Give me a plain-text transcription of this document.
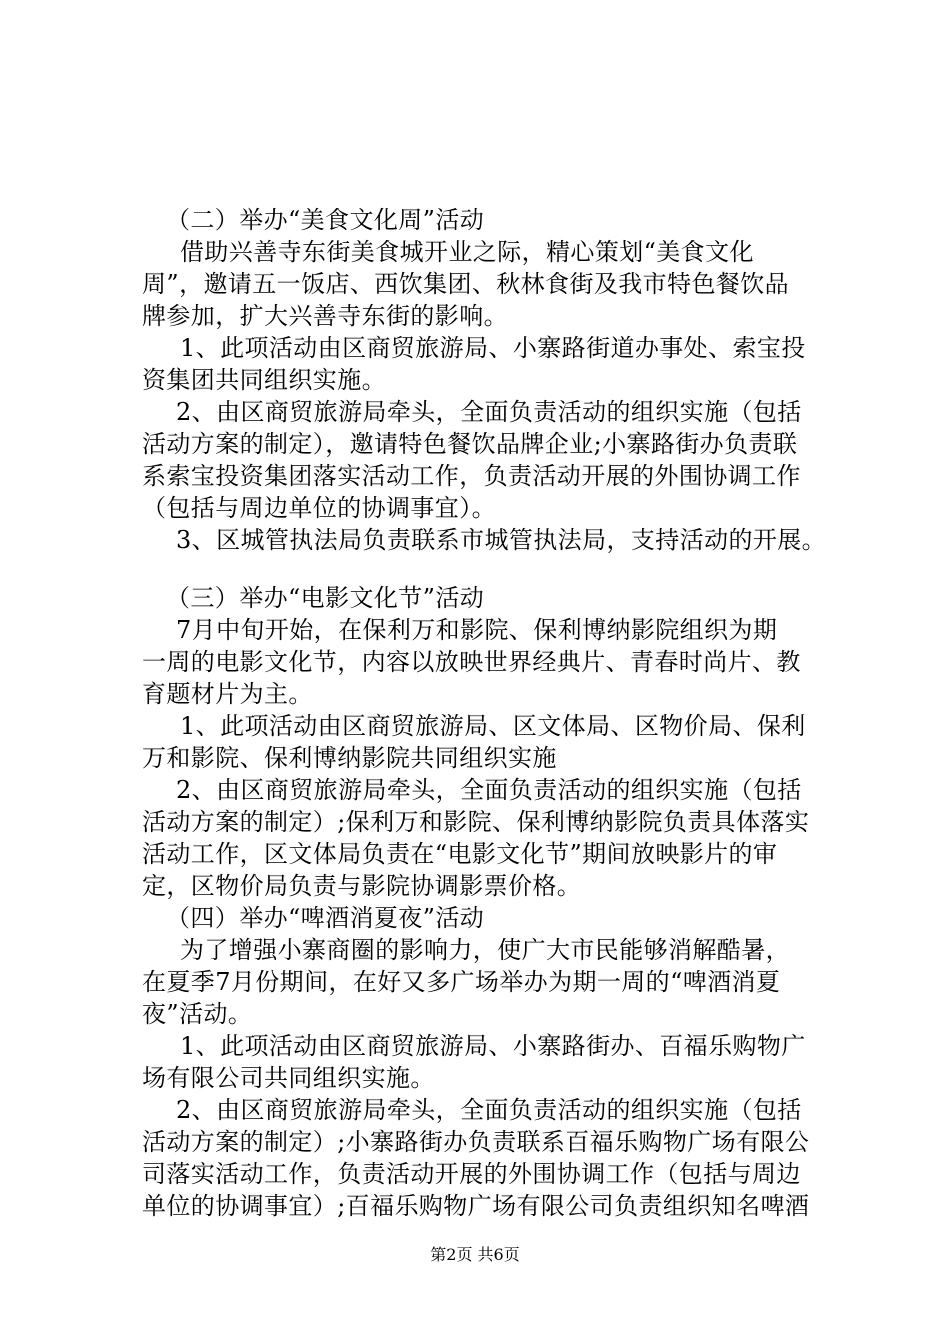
（二）举办“美食文化周”活动
借助兴善寺东街美食城开业之际，精心策划“美食文化
周”，邀请五一饭店、西饮集团、秋林食街及我市特色餐饮品
牌参加，扩大兴善寺东街的影响。
1、此项活动由区商贸旅游局、小寨路街道办事处、索宝投
资集团共同组织实施。
2、由区商贸旅游局牵头，全面负责活动的组织实施（包括
活动方案的制定），邀请特色餐饮品牌企业;小寨路街办负责联
系索宝投资集团落实活动工作，负责活动开展的外围协调工作
（包括与周边单位的协调事宜）。
3、区城管执法局负责联系市城管执法局，支持活动的开展。
（三）举办“电影文化节”活动
7月中旬开始，在保利万和影院、保利博纳影院组织为期
一周的电影文化节，内容以放映世界经典片、青春时尚片、教
育题材片为主。
1、此项活动由区商贸旅游局、区文体局、区物价局、保利
万和影院、保利博纳影院共同组织实施
2、由区商贸旅游局牵头，全面负责活动的组织实施（包括
活动方案的制定）;保利万和影院、保利博纳影院负责具体落实
活动工作，区文体局负责在“电影文化节”期间放映影片的审
定，区物价局负责与影院协调影票价格。
（四）举办“啤酒消夏夜”活动
为了增强小寨商圈的影响力，使广大市民能够消解酷暑，
在夏季7月份期间，在好又多广场举办为期一周的“啤酒消夏
夜”活动。
1、此项活动由区商贸旅游局、小寨路街办、百福乐购物广
场有限公司共同组织实施。
2、由区商贸旅游局牵头，全面负责活动的组织实施（包括
活动方案的制定）;小寨路街办负责联系百福乐购物广场有限公
司落实活动工作，负责活动开展的外围协调工作（包括与周边
单位的协调事宜）;百福乐购物广场有限公司负责组织知名啤酒
第2页 共6页
